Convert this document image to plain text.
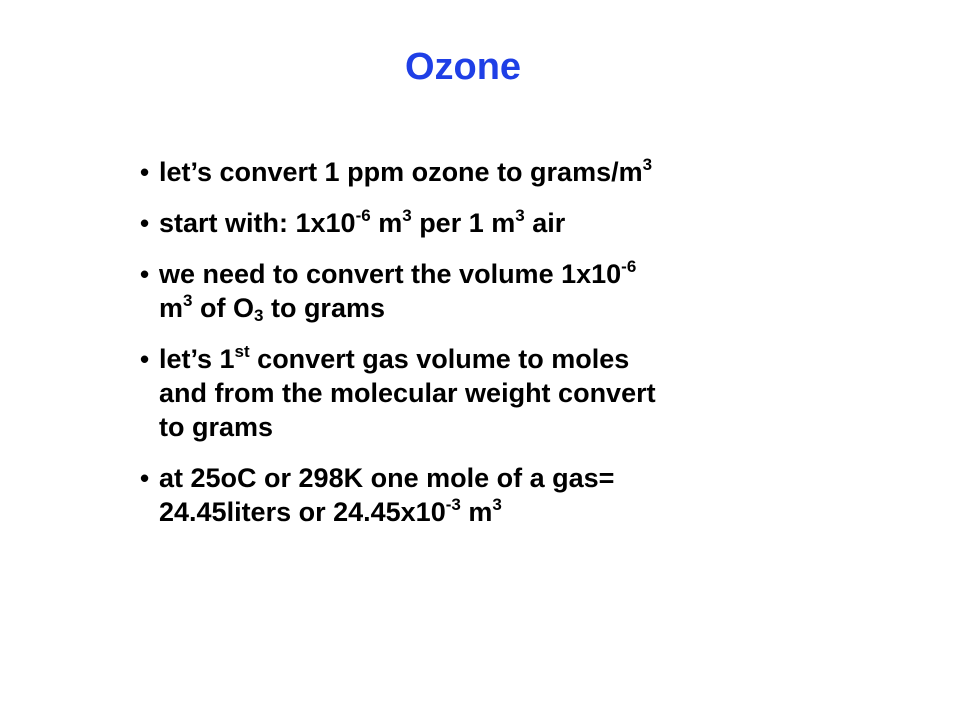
Ozone
• let’s convert 1 ppm ozone to grams/$m^3$
• start with: $1x10^{-6}$ $m^3$ per 1 $m^3$ air
• we need to convert the volume $1x10^{-6}$
$m^3$ of $O_3$ to grams
• let’s 1st convert gas volume to moles
and from the molecular weight convert
to grams
• at 25oC or 298K one mole of a gas=
24.45liters or $24.45x10^{-3}$ $m^3$
